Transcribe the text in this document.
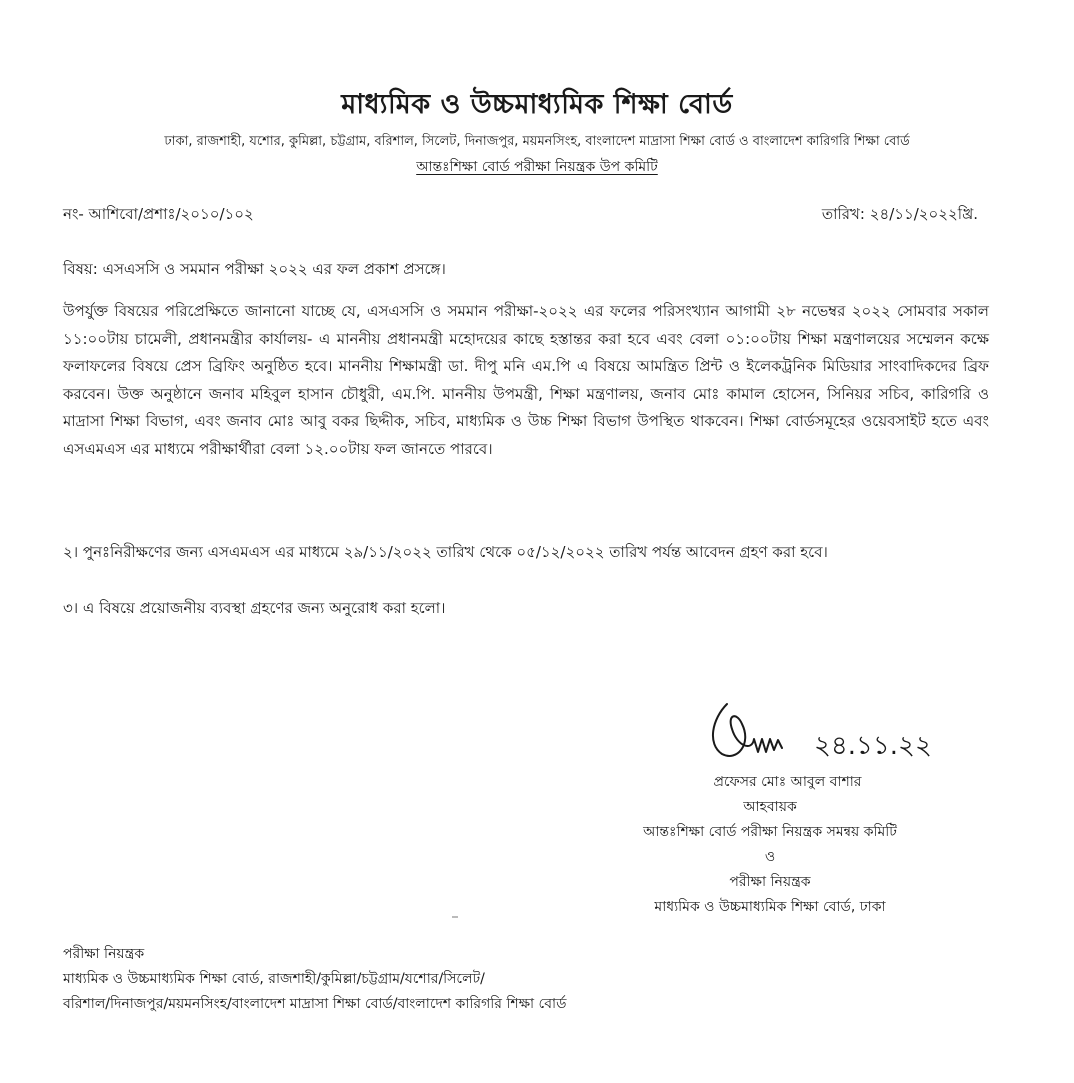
মাধ্যমিক ও উচ্চমাধ্যমিক শিক্ষা বোর্ড
ঢাকা, রাজশাহী, যশোর, কুমিল্লা, চট্টগ্রাম, বরিশাল, সিলেট, দিনাজপুর, ময়মনসিংহ, বাংলাদেশ মাদ্রাসা শিক্ষা বোর্ড ও বাংলাদেশ কারিগরি শিক্ষা বোর্ড
আন্তঃশিক্ষা বোর্ড পরীক্ষা নিয়ন্ত্রক উপ কমিটি
নং- আশিবো/প্রশাঃ/২০১০/১০২	তারিখ: ২৪/১১/২০২২খ্রি.
বিষয়: এসএসসি ও সমমান পরীক্ষা ২০২২ এর ফল প্রকাশ প্রসঙ্গে।
উপর্যুক্ত বিষয়ের পরিপ্রেক্ষিতে জানানো যাচ্ছে যে, এসএসসি ও সমমান পরীক্ষা-২০২২ এর ফলের পরিসংখ্যান আগামী ২৮ নভেম্বর ২০২২ সোমবার সকাল ১১:০০টায় চামেলী, প্রধানমন্ত্রীর কার্যালয়- এ মাননীয় প্রধানমন্ত্রী মহোদয়ের কাছে হস্তান্তর করা হবে এবং বেলা ০১:০০টায় শিক্ষা মন্ত্রণালয়ের সম্মেলন কক্ষে ফলাফলের বিষয়ে প্রেস ব্রিফিং অনুষ্ঠিত হবে। মাননীয় শিক্ষামন্ত্রী ডা. দীপু মনি এম.পি এ বিষয়ে আমন্ত্রিত প্রিন্ট ও ইলেকট্রনিক মিডিয়ার সাংবাদিকদের ব্রিফ করবেন। উক্ত অনুষ্ঠানে জনাব মহিবুল হাসান চৌধুরী, এম.পি. মাননীয় উপমন্ত্রী, শিক্ষা মন্ত্রণালয়, জনাব মোঃ কামাল হোসেন, সিনিয়র সচিব, কারিগরি ও মাদ্রাসা শিক্ষা বিভাগ, এবং জনাব মোঃ আবু বকর ছিদ্দীক, সচিব, মাধ্যমিক ও উচ্চ শিক্ষা বিভাগ উপস্থিত থাকবেন। শিক্ষা বোর্ডসমূহের ওয়েবসাইট হতে এবং এসএমএস এর মাধ্যমে পরীক্ষার্থীরা বেলা ১২.০০টায় ফল জানতে পারবে।
২। পুনঃনিরীক্ষণের জন্য এসএমএস এর মাধ্যমে ২৯/১১/২০২২ তারিখ থেকে ০৫/১২/২০২২ তারিখ পর্যন্ত আবেদন গ্রহণ করা হবে।
৩। এ বিষয়ে প্রয়োজনীয় ব্যবস্থা গ্রহণের জন্য অনুরোধ করা হলো।
২৪.১১.২২
প্রফেসর মোঃ আবুল বাশার
আহবায়ক
আন্তঃশিক্ষা বোর্ড পরীক্ষা নিয়ন্ত্রক সমন্বয় কমিটি
ও
পরীক্ষা নিয়ন্ত্রক
মাধ্যমিক ও উচ্চমাধ্যমিক শিক্ষা বোর্ড, ঢাকা
পরীক্ষা নিয়ন্ত্রক
মাধ্যমিক ও উচ্চমাধ্যমিক শিক্ষা বোর্ড, রাজশাহী/কুমিল্লা/চট্টগ্রাম/যশোর/সিলেট/
বরিশাল/দিনাজপুর/ময়মনসিংহ/বাংলাদেশ মাদ্রাসা শিক্ষা বোর্ড/বাংলাদেশ কারিগরি শিক্ষা বোর্ড
